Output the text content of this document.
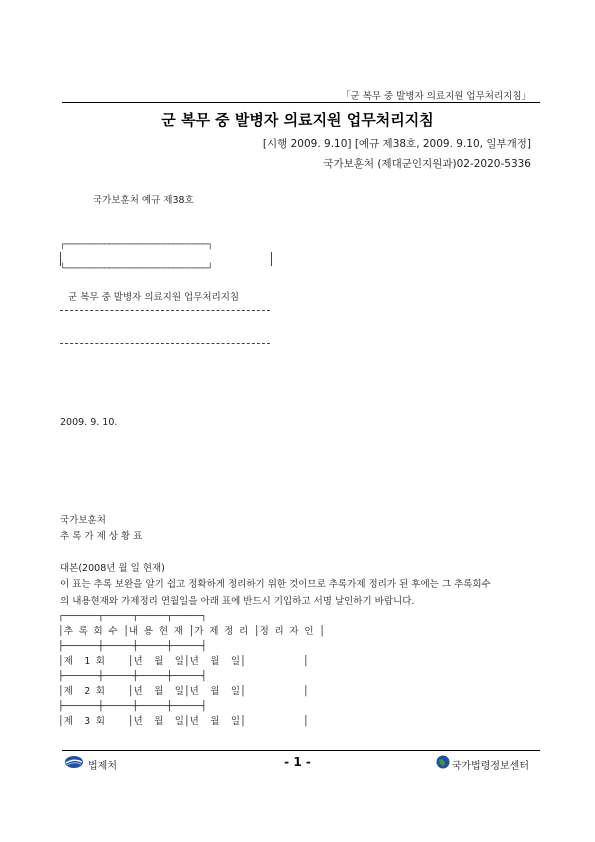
「군 복무 중 발병자 의료지원 업무처리지침」
군 복무 중 발병자 의료지원 업무처리지침
[시행 2009. 9.10] [예규 제38호, 2009. 9.10, 일부개정]
국가보훈처 (제대군인지원과)02-2020-5336
국가보훈처 예규 제38호
┌─────────────────────────────┐
└─────────────────────────────┘
군 복무 중 발병자 의료지원 업무처리지침
2009. 9. 10.
국가보훈처
추 록 가 제 상 황 표
대본(2008년 월 일 현재)
이 표는 추록 보완을 알기 쉽고 정확하게 정리하기 위한 것이므로 추록가제 정리가 된 후에는 그 추록회수
의 내용현재와 가제정리 연월일을 아래 표에 반드시 기입하고 서명 날인하기 바랍니다.
┌──────┬─────┬─────┬─────┐
│추 록 회 수 │내 용 현 재 │가 제 정 리 │정 리 자 인 │
├──────┼─────┼─────┼─────┤
│제  1 회    │년  월  일│년  월  일│          │
├──────┼─────┼─────┼─────┤
│제  2 회    │년  월  일│년  월  일│          │
├──────┼─────┼─────┼─────┤
│제  3 회    │년  월  일│년  월  일│          │
법제처	- 1 -	국가법령정보센터
